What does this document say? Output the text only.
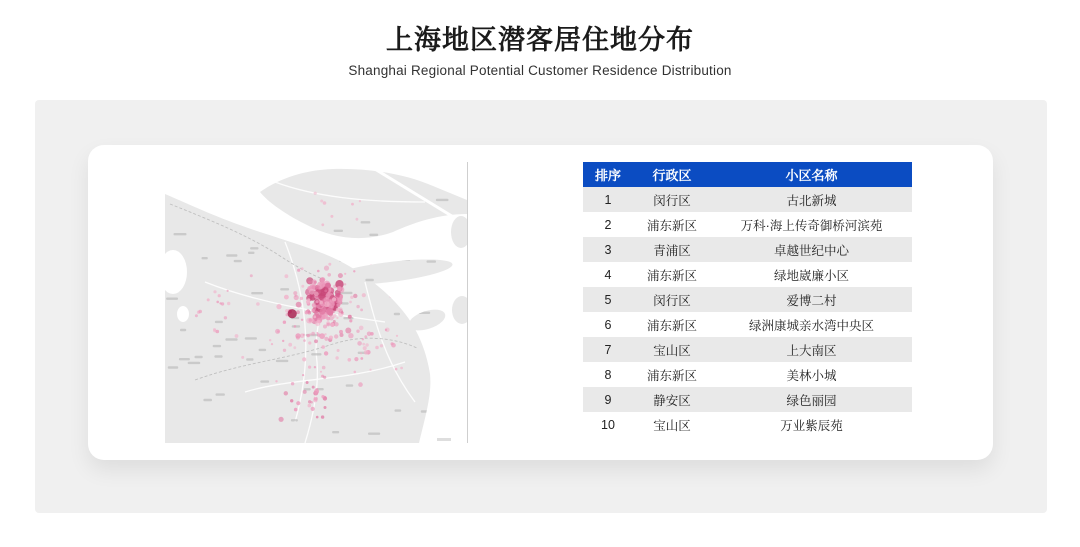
上海地区潜客居住地分布

Shanghai Regional Potential Customer Residence Distribution

排序	行政区	小区名称
1	闵行区	古北新城
2	浦东新区	万科·海上传奇御桥河滨苑
3	青浦区	卓越世纪中心
4	浦东新区	绿地崴廉小区
5	闵行区	爱博二村
6	浦东新区	绿洲康城亲水湾中央区
7	宝山区	上大南区
8	浦东新区	美林小城
9	静安区	绿色丽园
10	宝山区	万业紫辰苑
